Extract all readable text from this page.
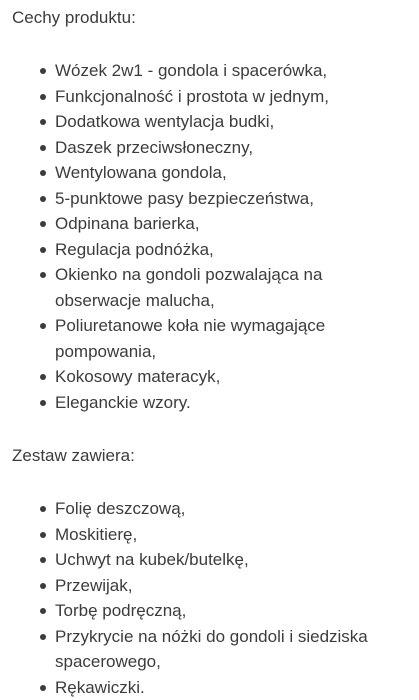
Cechy produktu:
Wózek 2w1 - gondola i spacerówka,
Funkcjonalność i prostota w jednym,
Dodatkowa wentylacja budki,
Daszek przeciwsłoneczny,
Wentylowana gondola,
5-punktowe pasy bezpieczeństwa,
Odpinana barierka,
Regulacja podnóżka,
Okienko na gondoli pozwalająca na obserwacje malucha,
Poliuretanowe koła nie wymagające pompowania,
Kokosowy materacyk,
Eleganckie wzory.
Zestaw zawiera:
Folię deszczową,
Moskitierę,
Uchwyt na kubek/butelkę,
Przewijak,
Torbę podręczną,
Przykrycie na nóżki do gondoli i siedziska spacerowego,
Rękawiczki.
